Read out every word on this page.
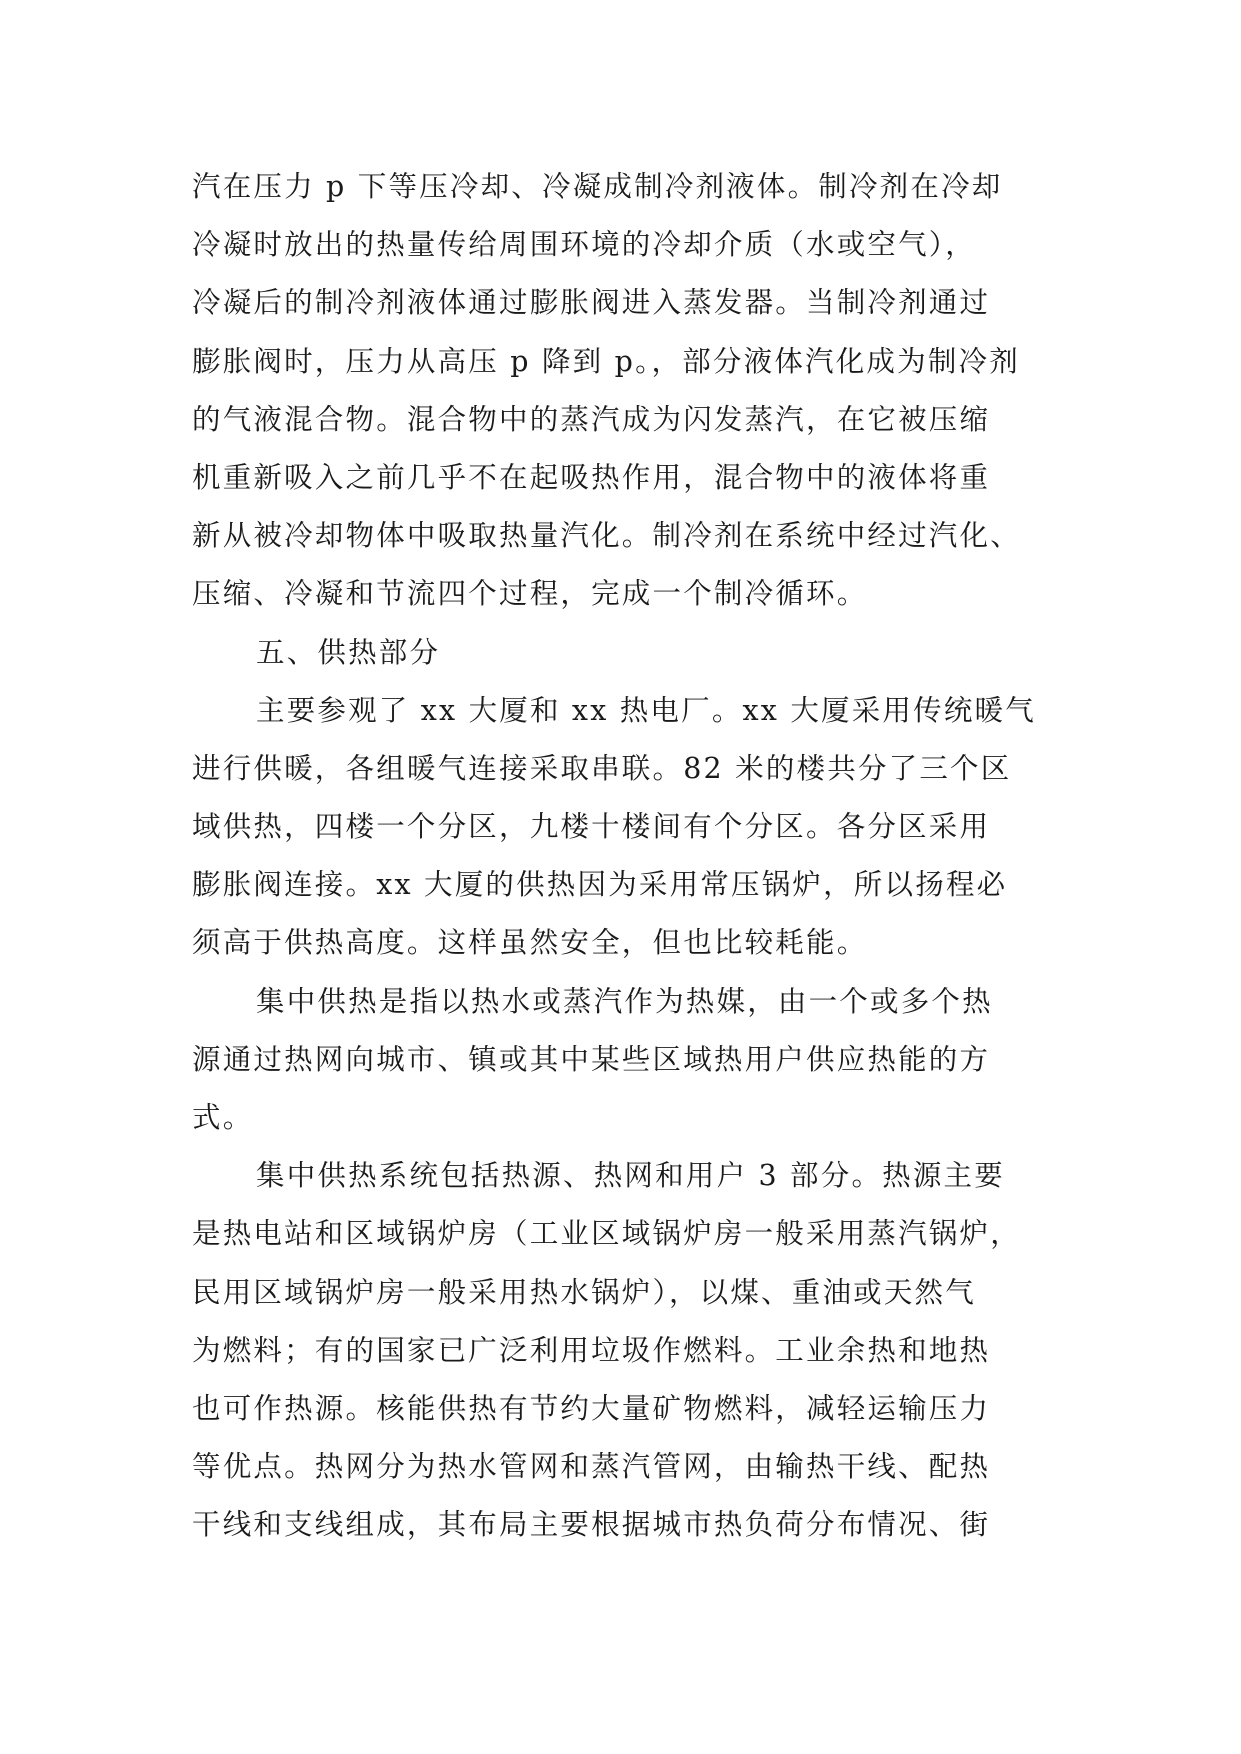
汽在压力 p 下等压冷却、冷凝成制冷剂液体。制冷剂在冷却
冷凝时放出的热量传给周围环境的冷却介质（水或空气），
冷凝后的制冷剂液体通过膨胀阀进入蒸发器。当制冷剂通过
膨胀阀时，压力从高压 p 降到 p。，部分液体汽化成为制冷剂
的气液混合物。混合物中的蒸汽成为闪发蒸汽，在它被压缩
机重新吸入之前几乎不在起吸热作用，混合物中的液体将重
新从被冷却物体中吸取热量汽化。制冷剂在系统中经过汽化、
压缩、冷凝和节流四个过程，完成一个制冷循环。
五、供热部分
主要参观了 xx 大厦和 xx 热电厂。xx 大厦采用传统暖气
进行供暖，各组暖气连接采取串联。82 米的楼共分了三个区
域供热，四楼一个分区，九楼十楼间有个分区。各分区采用
膨胀阀连接。xx 大厦的供热因为采用常压锅炉，所以扬程必
须高于供热高度。这样虽然安全，但也比较耗能。
集中供热是指以热水或蒸汽作为热媒，由一个或多个热
源通过热网向城市、镇或其中某些区域热用户供应热能的方
式。
集中供热系统包括热源、热网和用户 3 部分。热源主要
是热电站和区域锅炉房（工业区域锅炉房一般采用蒸汽锅炉，
民用区域锅炉房一般采用热水锅炉），以煤、重油或天然气
为燃料；有的国家已广泛利用垃圾作燃料。工业余热和地热
也可作热源。核能供热有节约大量矿物燃料，减轻运输压力
等优点。热网分为热水管网和蒸汽管网，由输热干线、配热
干线和支线组成，其布局主要根据城市热负荷分布情况、街
